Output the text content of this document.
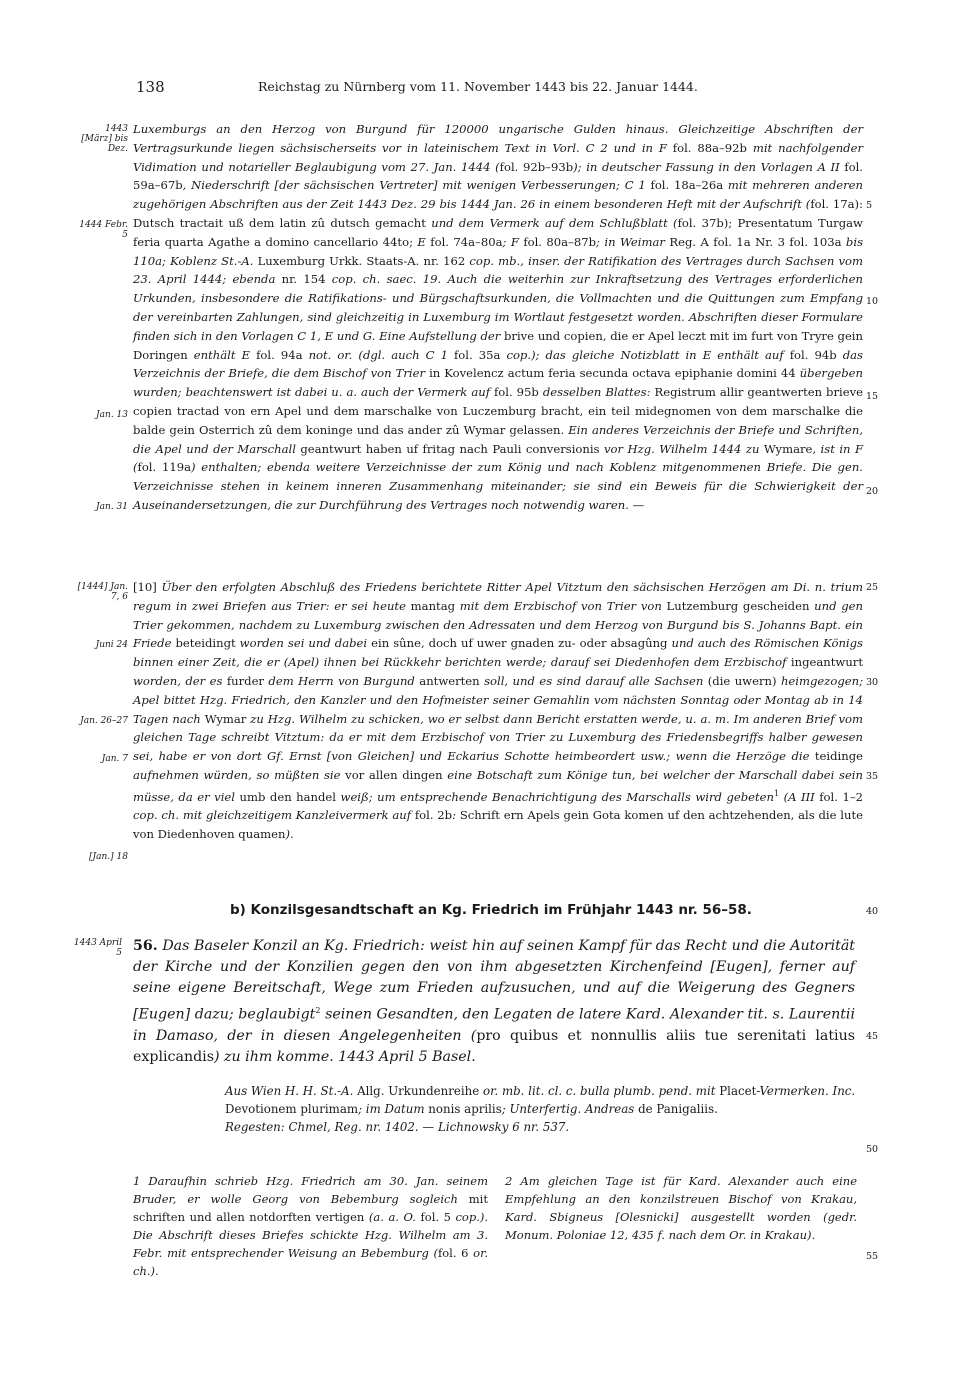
138	Reichstag zu Nürnberg vom 11. November 1443 bis 22. Januar 1444.
1443 [März] bis Dez.
1444 Febr. 5
Jan. 13
Jan. 31
[1444] Jan. 7, 6
Juni 24
Jan. 26–27
Jan. 7
[Jan.] 18
1443 April 5
5
10
15
20
25
30
35
40
45
50
55

Luxemburgs an den Herzog von Burgund für 120000 ungarische Gulden hinaus. Gleichzeitige Abschriften der Vertragsurkunde liegen sächsischerseits vor in lateinischem Text in Vorl. C 2 und in F fol. 88a–92b mit nachfolgender Vidimation und notarieller Beglaubigung vom 27. Jan. 1444 (fol. 92b–93b); in deutscher Fassung in den Vorlagen A II fol. 59a–67b, Niederschrift [der sächsischen Vertreter] mit wenigen Verbesserungen; C 1 fol. 18a–26a mit mehreren anderen zugehörigen Abschriften aus der Zeit 1443 Dez. 29 bis 1444 Jan. 26 in einem besonderen Heft mit der Aufschrift (fol. 17a): Dutsch tractait uß dem latin zû dutsch gemacht und dem Vermerk auf dem Schlußblatt (fol. 37b); Presentatum Turgaw feria quarta Agathe a domino cancellario 44to; E fol. 74a–80a; F fol. 80a–87b; in Weimar Reg. A fol. 1a Nr. 3 fol. 103a bis 110a; Koblenz St.-A. Luxemburg Urkk. Staats-A. nr. 162 cop. mb., inser. der Ratifikation des Vertrages durch Sachsen vom 23. April 1444; ebenda nr. 154 cop. ch. saec. 19. Auch die weiterhin zur Inkraftsetzung des Vertrages erforderlichen Urkunden, insbesondere die Ratifikations- und Bürgschaftsurkunden, die Vollmachten und die Quittungen zum Empfang der vereinbarten Zahlungen, sind gleichzeitig in Luxemburg im Wortlaut festgesetzt worden. Abschriften dieser Formulare finden sich in den Vorlagen C 1, E und G. Eine Aufstellung der brive und copien, die er Apel leczt mit im furt von Tryre gein Doringen enthält E fol. 94a not. or. (dgl. auch C 1 fol. 35a cop.); das gleiche Notizblatt in E enthält auf fol. 94b das Verzeichnis der Briefe, die dem Bischof von Trier in Kovelencz actum feria secunda octava epiphanie domini 44 übergeben wurden; beachtenswert ist dabei u. a. auch der Vermerk auf fol. 95b desselben Blattes: Registrum allir geantwerten brieve copien tractad von ern Apel und dem marschalke von Luczemburg bracht, ein teil midegnomen von dem marschalke die balde gein Osterrich zû dem koninge und das ander zû Wymar gelassen. Ein anderes Verzeichnis der Briefe und Schriften, die Apel und der Marschall geantwurt haben uf fritag nach Pauli conversionis vor Hzg. Wilhelm 1444 zu Wymare, ist in F (fol. 119a) enthalten; ebenda weitere Verzeichnisse der zum König und nach Koblenz mitgenommenen Briefe. Die gen. Verzeichnisse stehen in keinem inneren Zusammenhang miteinander; sie sind ein Beweis für die Schwierigkeit der Auseinandersetzungen, die zur Durchführung des Vertrages noch notwendig waren. —

[10] Über den erfolgten Abschluß des Friedens berichtete Ritter Apel Vitztum den sächsischen Herzögen am Di. n. trium regum in zwei Briefen aus Trier: er sei heute mantag mit dem Erzbischof von Trier von Lutzemburg gescheiden und gen Trier gekommen, nachdem zu Luxemburg zwischen den Adressaten und dem Herzog von Burgund bis S. Johanns Bapt. ein Friede beteidingt worden sei und dabei ein sûne, doch uf uwer gnaden zu- oder absagûng und auch des Römischen Königs binnen einer Zeit, die er (Apel) ihnen bei Rückkehr berichten werde; darauf sei Diedenhofen dem Erzbischof ingeantwurt worden, der es furder dem Herrn von Burgund antwerten soll, und es sind darauf alle Sachsen (die uwern) heimgezogen; Apel bittet Hzg. Friedrich, den Kanzler und den Hofmeister seiner Gemahlin vom nächsten Sonntag oder Montag ab in 14 Tagen nach Wymar zu Hzg. Wilhelm zu schicken, wo er selbst dann Bericht erstatten werde, u. a. m. Im anderen Brief vom gleichen Tage schreibt Vitztum: da er mit dem Erzbischof von Trier zu Luxemburg des Friedensbegriffs halber gewesen sei, habe er von dort Gf. Ernst [von Gleichen] und Eckarius Schotte heimbeordert usw.; wenn die Herzöge die teidinge aufnehmen würden, so müßten sie vor allen dingen eine Botschaft zum Könige tun, bei welcher der Marschall dabei sein müsse, da er viel umb den handel weiß; um entsprechende Benachrichtigung des Marschalls wird gebeten$^1$ (A III fol. 1–2 cop. ch. mit gleichzeitigem Kanzleivermerk auf fol. 2b: Schrift ern Apels gein Gota komen uf den achtzehenden, als die lute von Diedenhoven quamen).

b) Konzilsgesandtschaft an Kg. Friedrich im Frühjahr 1443 nr. 56–58.

56. Das Baseler Konzil an Kg. Friedrich: weist hin auf seinen Kampf für das Recht und die Autorität der Kirche und der Konzilien gegen den von ihm abgesetzten Kirchenfeind [Eugen], ferner auf seine eigene Bereitschaft, Wege zum Frieden aufzusuchen, und auf die Weigerung des Gegners [Eugen] dazu; beglaubigt$^2$ seinen Gesandten, den Legaten de latere Kard. Alexander tit. s. Laurentii in Damaso, der in diesen Angelegenheiten (pro quibus et nonnullis aliis tue serenitati latius explicandis) zu ihm komme. 1443 April 5 Basel.

Aus Wien H. H. St.-A. Allg. Urkundenreihe or. mb. lit. cl. c. bulla plumb. pend. mit Placet-Vermerken. Inc. Devotionem plurimam; im Datum nonis aprilis; Unterfertig. Andreas de Panigaliis.

Regesten: Chmel, Reg. nr. 1402. — Lichnowsky 6 nr. 537.

1 Daraufhin schrieb Hzg. Friedrich am 30. Jan. seinem Bruder, er wolle Georg von Bebemburg sogleich mit schriften und allen notdorften vertigen (a. a. O. fol. 5 cop.). Die Abschrift dieses Briefes schickte Hzg. Wilhelm am 3. Febr. mit entsprechender Weisung an Bebemburg (fol. 6 or. ch.).

2 Am gleichen Tage ist für Kard. Alexander auch eine Empfehlung an den konzilstreuen Bischof von Krakau, Kard. Sbigneus [Olesnicki] ausgestellt worden (gedr. Monum. Poloniae 12, 435 f. nach dem Or. in Krakau).
